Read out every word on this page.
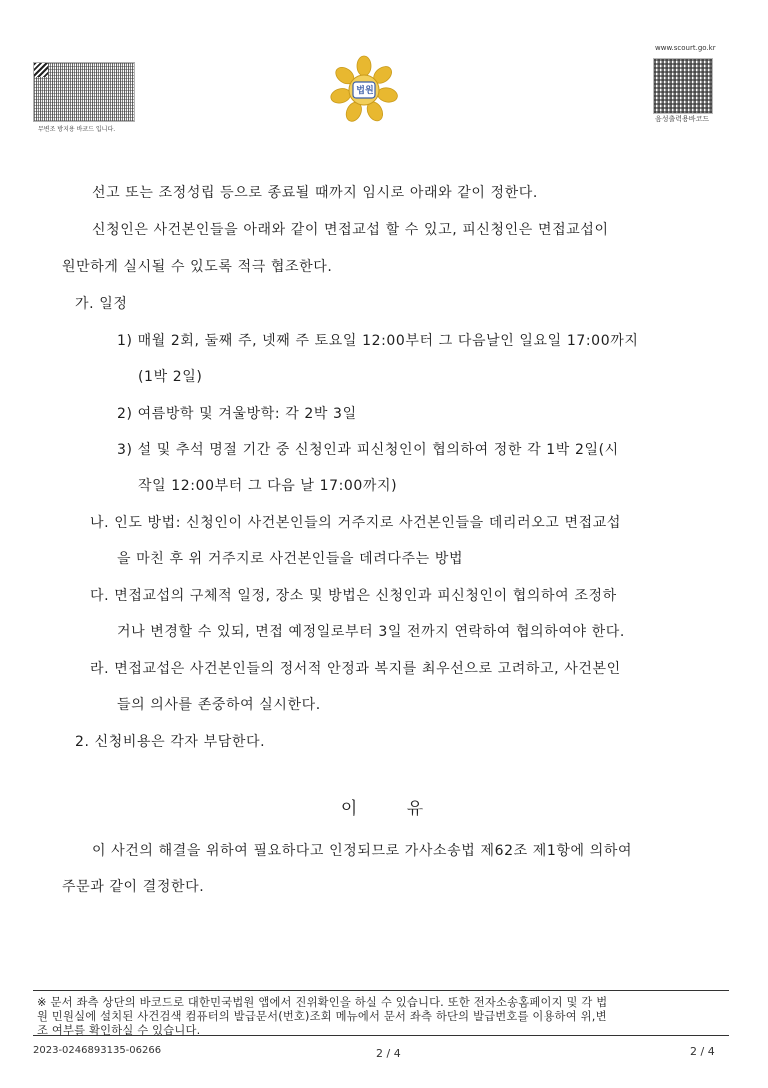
무변조 방지용 바코드 입니다.
법원
www.scourt.go.kr
음성출력용바코드
선고 또는 조정성립 등으로 종료될 때까지 임시로 아래와 같이 정한다.
신청인은 사건본인들을 아래와 같이 면접교섭 할 수 있고, 피신청인은 면접교섭이
원만하게 실시될 수 있도록 적극 협조한다.
가. 일정
1) 매월 2회, 둘째 주, 넷째 주 토요일 12:00부터 그 다음날인 일요일 17:00까지
(1박 2일)
2) 여름방학 및 겨울방학: 각 2박 3일
3) 설 및 추석 명절 기간 중 신청인과 피신청인이 협의하여 정한 각 1박 2일(시
작일 12:00부터 그 다음 날 17:00까지)
나. 인도 방법: 신청인이 사건본인들의 거주지로 사건본인들을 데리러오고 면접교섭
을 마친 후 위 거주지로 사건본인들을 데려다주는 방법
다. 면접교섭의 구체적 일정, 장소 및 방법은 신청인과 피신청인이 협의하여 조정하
거나 변경할 수 있되, 면접 예정일로부터 3일 전까지 연락하여 협의하여야 한다.
라. 면접교섭은 사건본인들의 정서적 안정과 복지를 최우선으로 고려하고, 사건본인
들의 의사를 존중하여 실시한다.
2. 신청비용은 각자 부담한다.
이	유
이 사건의 해결을 위하여 필요하다고 인정되므로 가사소송법 제62조 제1항에 의하여
주문과 같이 결정한다.
※ 문서 좌측 상단의 바코드로 대한민국법원 앱에서 진위확인을 하실 수 있습니다. 또한 전자소송홈페이지 및 각 법
원 민원실에 설치된 사건검색 컴퓨터의 발급문서(번호)조회 메뉴에서 문서 좌측 하단의 발급번호를 이용하여 위,변
조 여부를 확인하실 수 있습니다.
2023-0246893135-06266	2 / 4	2 / 4
